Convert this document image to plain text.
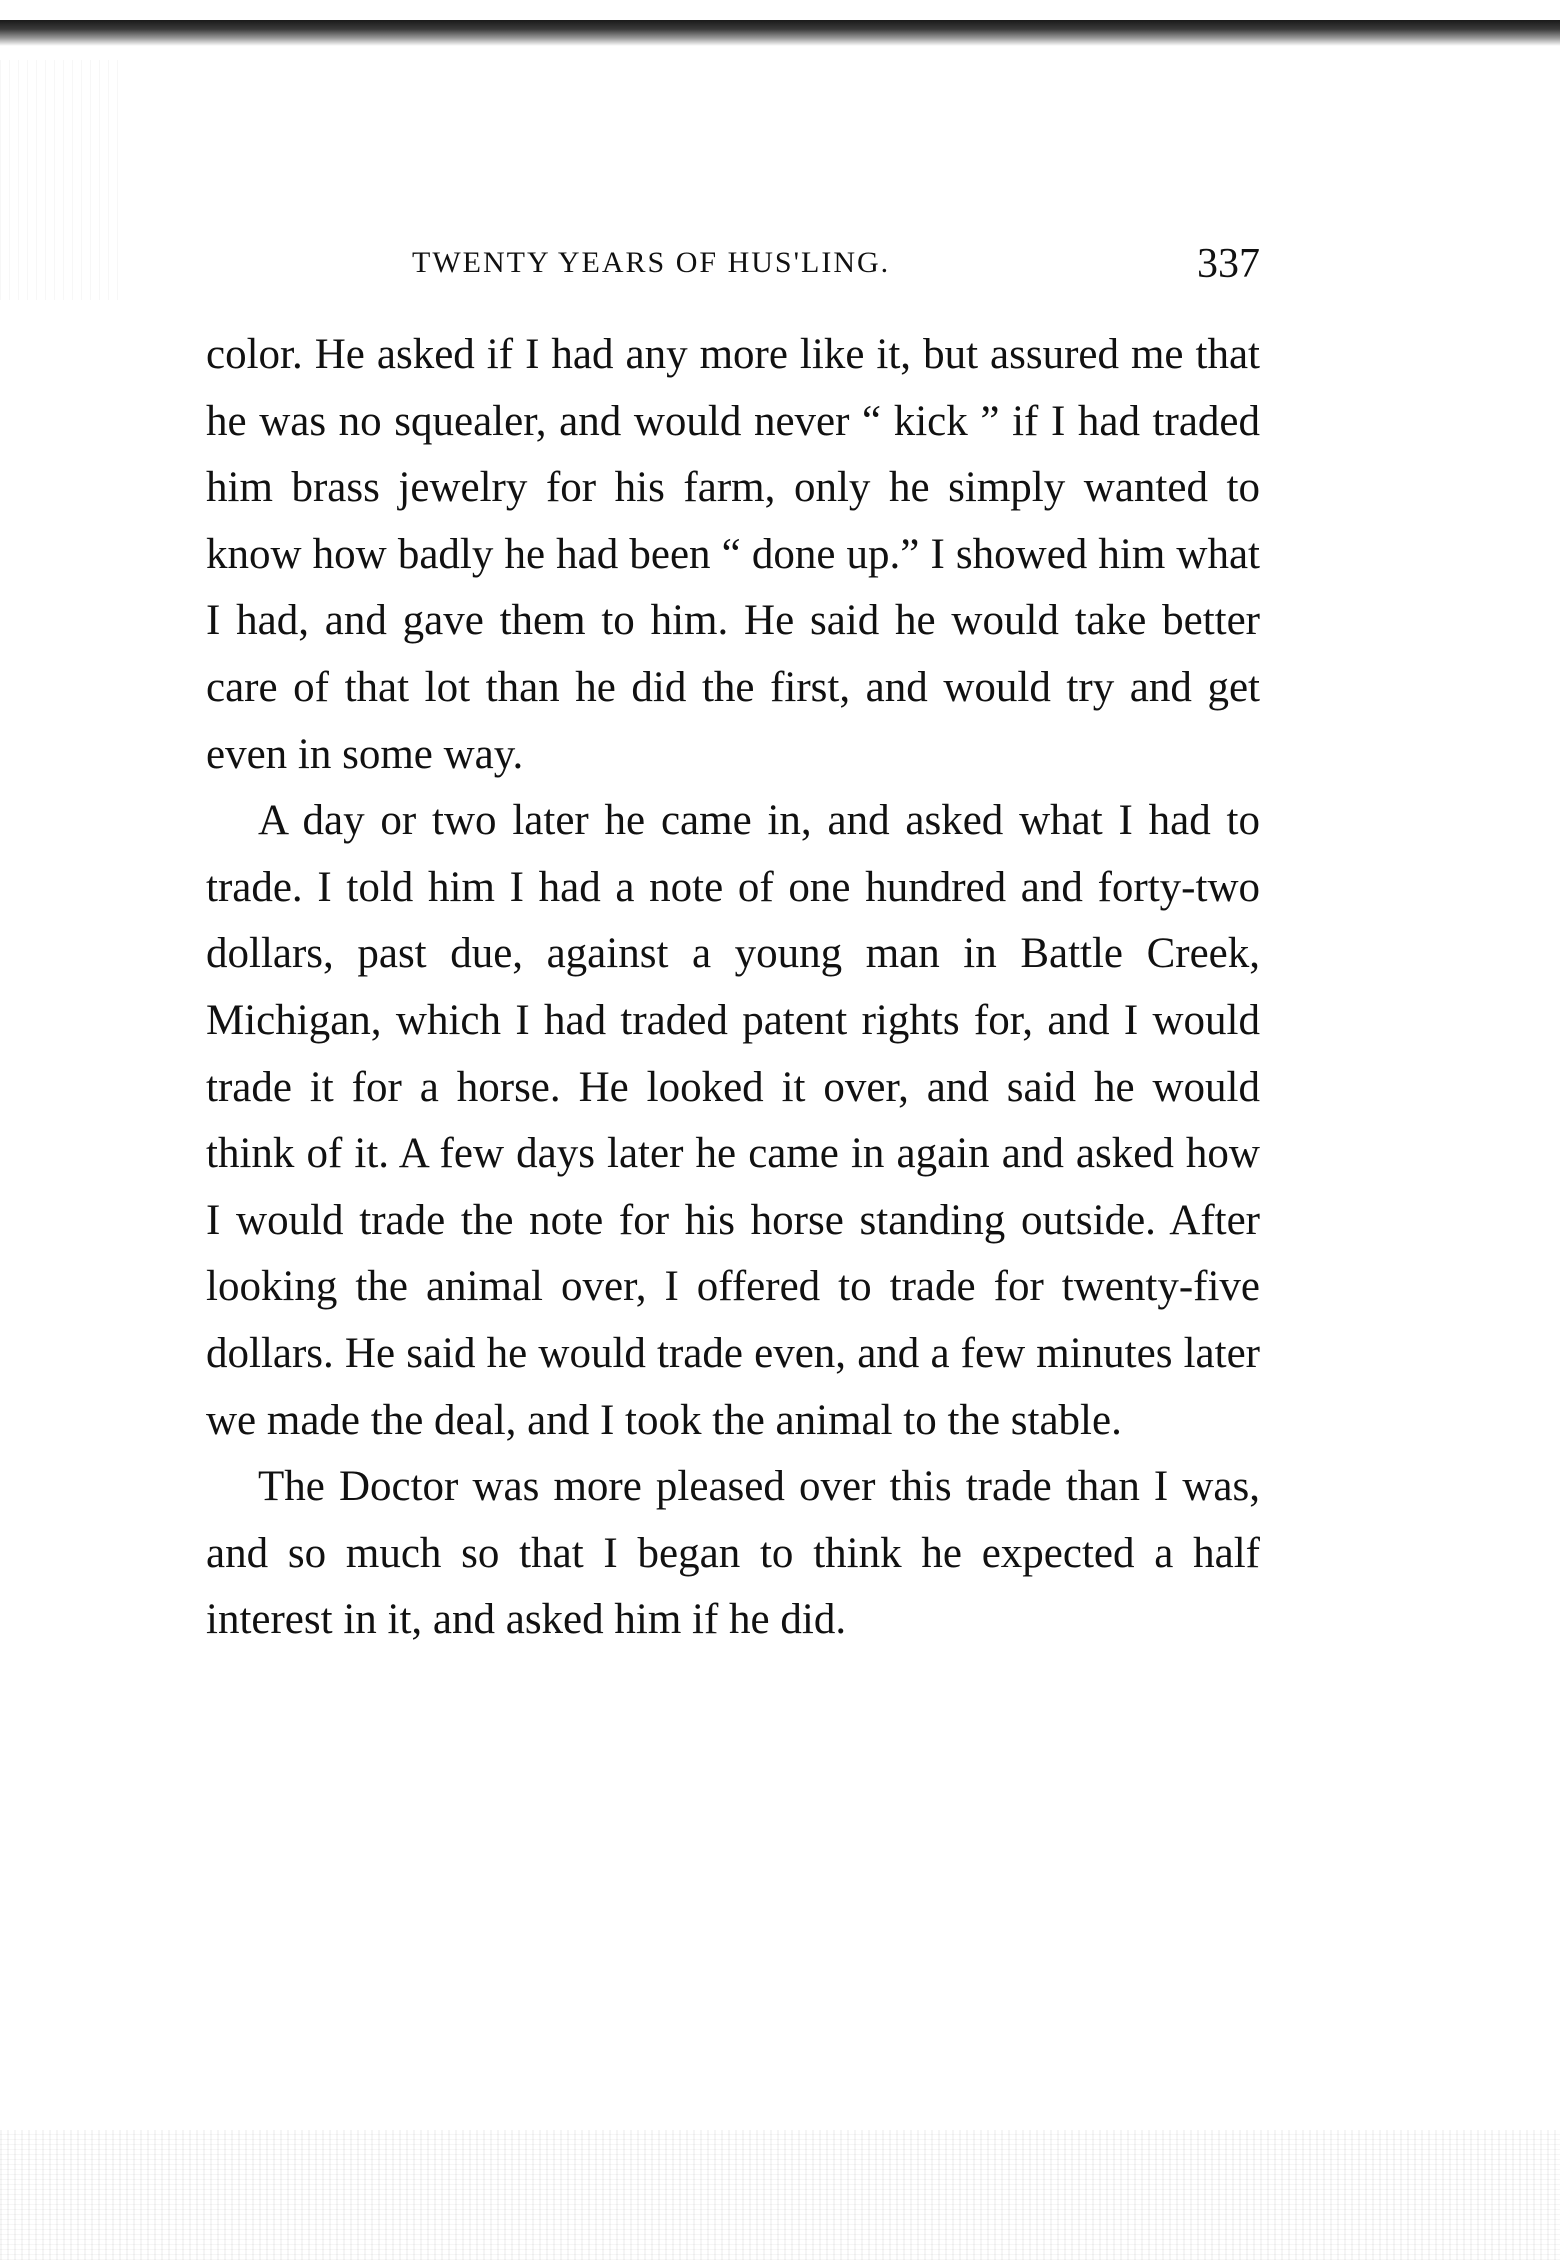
TWENTY YEARS OF HUS'LING.	337

color. He asked if I had any more like it, but assured me that he was no squealer, and would never “ kick ” if I had traded him brass jewelry for his farm, only he simply wanted to know how badly he had been “ done up.” I showed him what I had, and gave them to him. He said he would take better care of that lot than he did the first, and would try and get even in some way.

A day or two later he came in, and asked what I had to trade. I told him I had a note of one hundred and forty-two dollars, past due, against a young man in Battle Creek, Michigan, which I had traded patent rights for, and I would trade it for a horse. He looked it over, and said he would think of it. A few days later he came in again and asked how I would trade the note for his horse standing outside. After looking the animal over, I offered to trade for twenty-five dollars. He said he would trade even, and a few minutes later we made the deal, and I took the animal to the stable.

The Doctor was more pleased over this trade than I was, and so much so that I began to think he expected a half interest in it, and asked him if he did.
